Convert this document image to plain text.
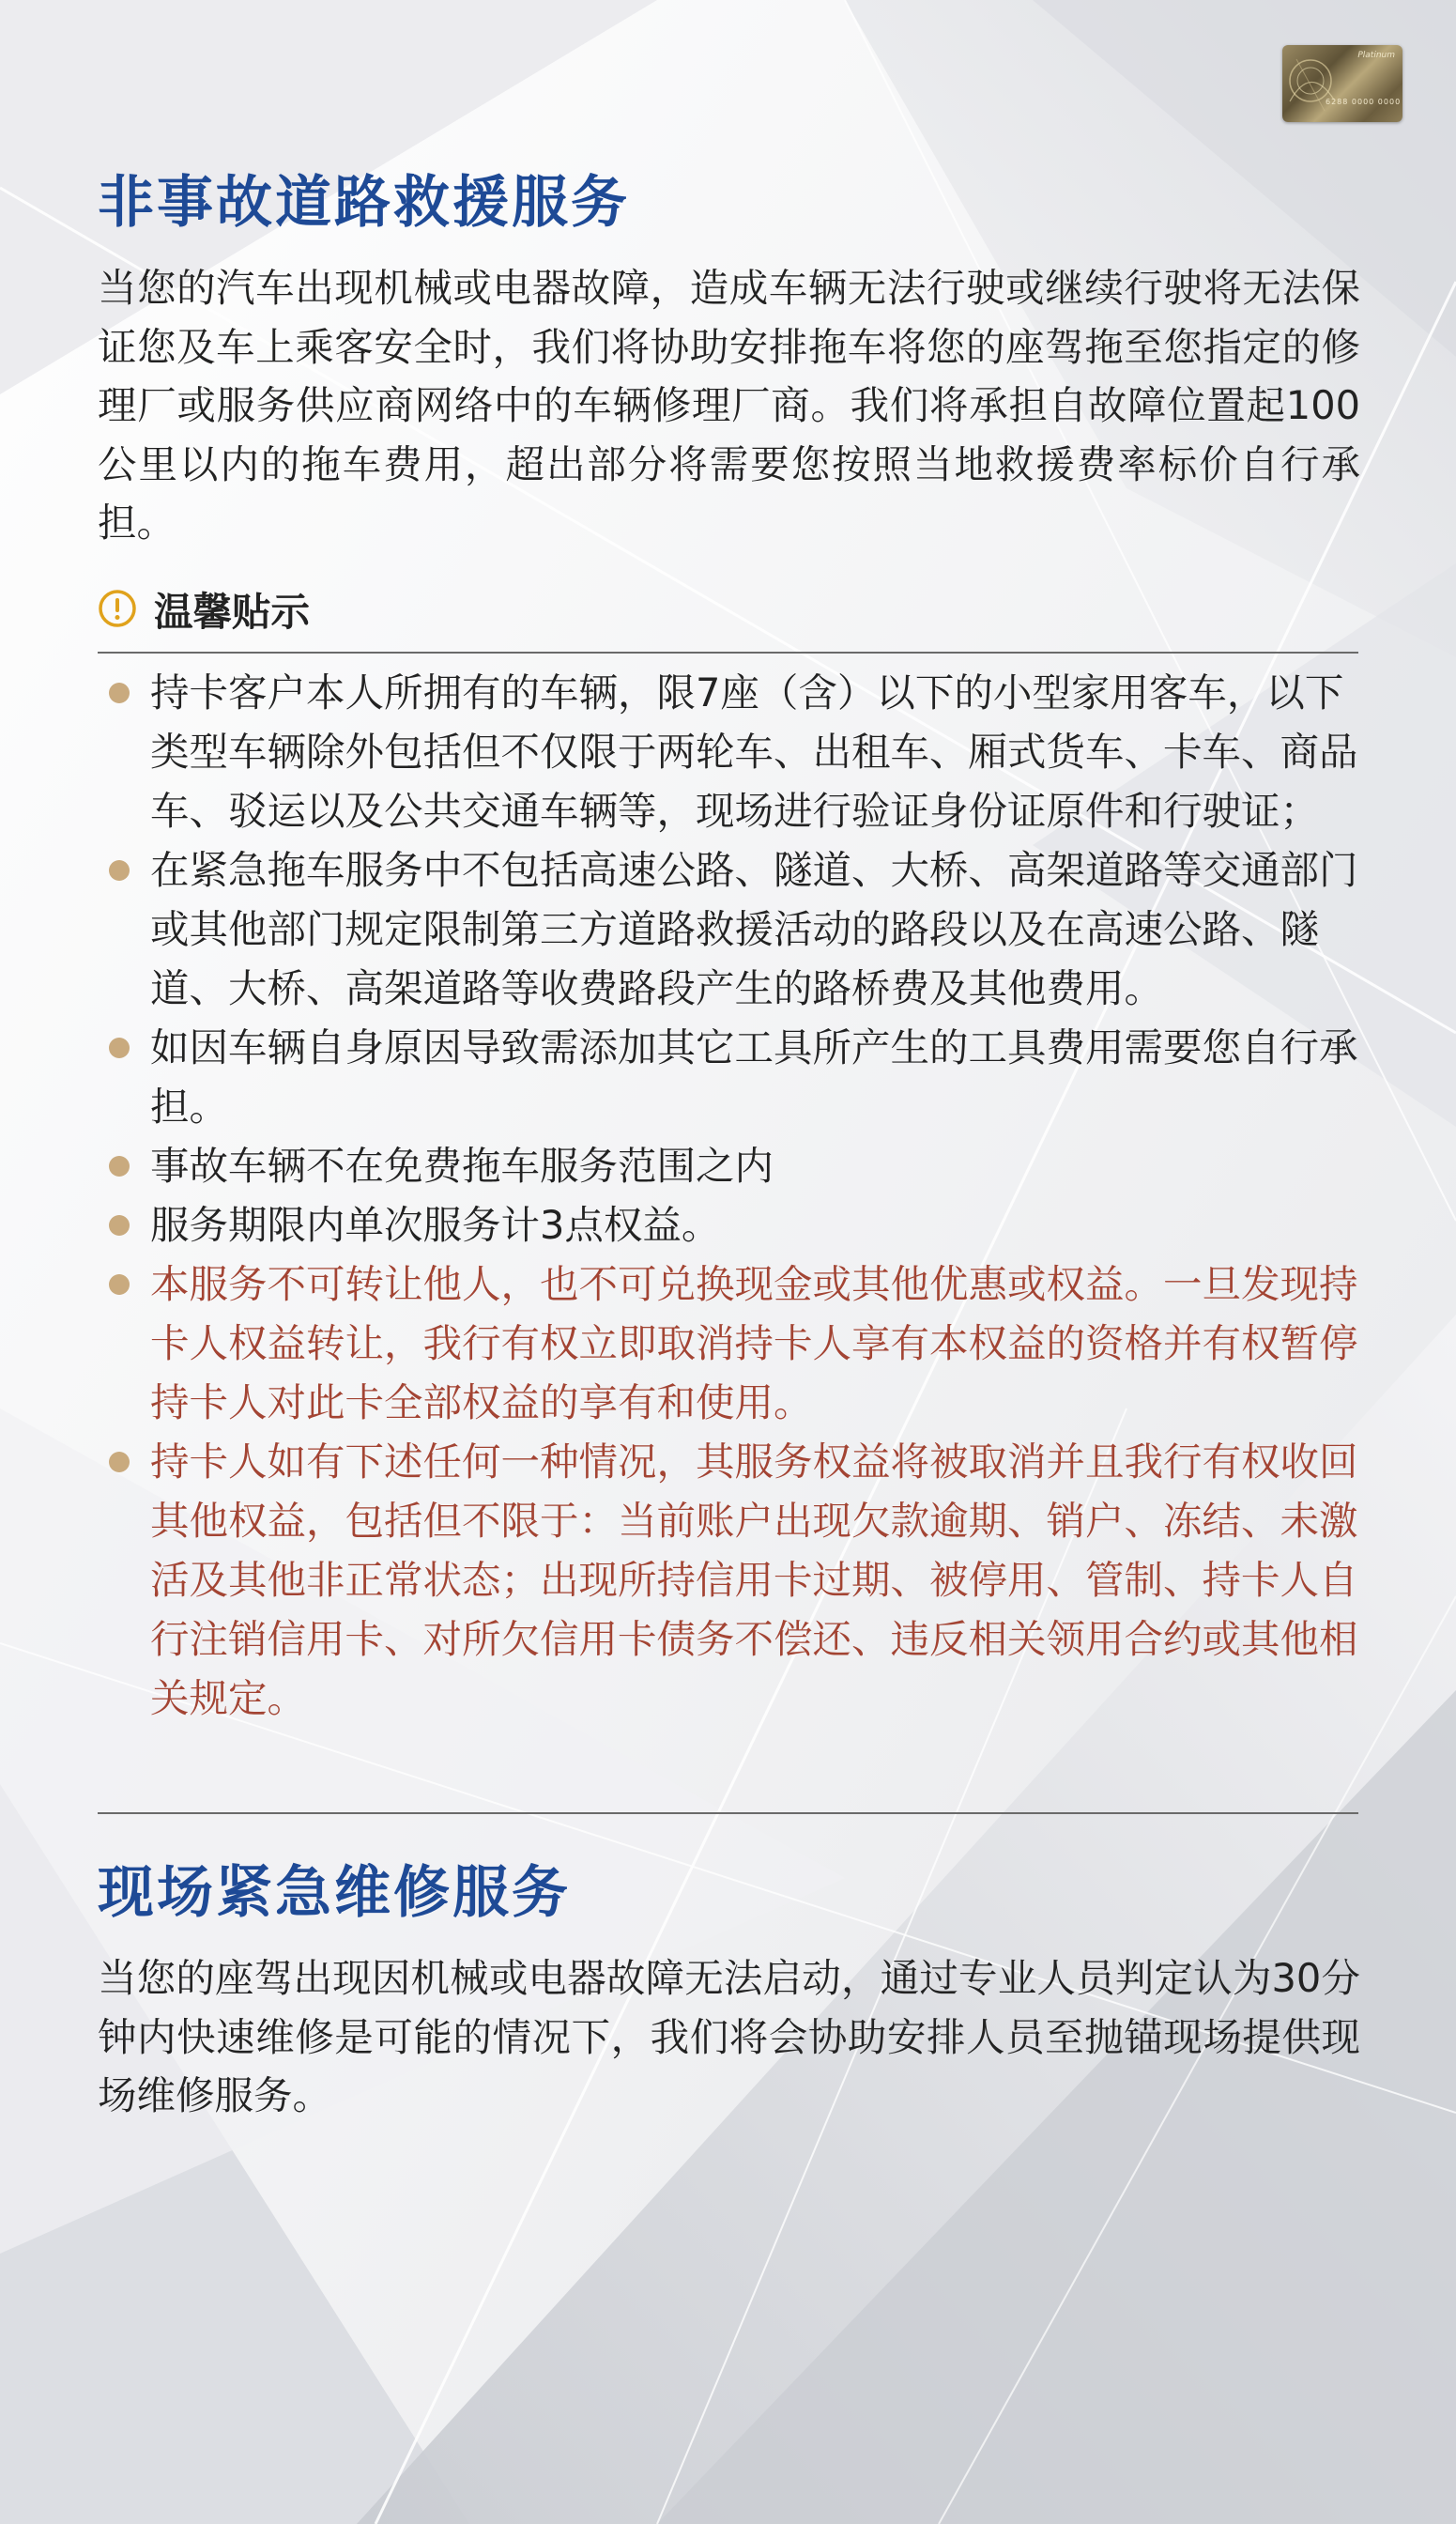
Platinum
6288 0000 0000
非事故道路救援服务

当您的汽车出现机械或电器故障，造成车辆无法行驶或继续行驶将无法保证您及车上乘客安全时，我们将协助安排拖车将您的座驾拖至您指定的修理厂或服务供应商网络中的车辆修理厂商。我们将承担自故障位置起100公里以内的拖车费用，超出部分将需要您按照当地救援费率标价自行承担。

温馨贴示
持卡客户本人所拥有的车辆，限7座（含）以下的小型家用客车，以下类型车辆除外包括但不仅限于两轮车、出租车、厢式货车、卡车、商品车、驳运以及公共交通车辆等，现场进行验证身份证原件和行驶证；
在紧急拖车服务中不包括高速公路、隧道、大桥、高架道路等交通部门或其他部门规定限制第三方道路救援活动的路段以及在高速公路、隧道、大桥、高架道路等收费路段产生的路桥费及其他费用。
如因车辆自身原因导致需添加其它工具所产生的工具费用需要您自行承担。
事故车辆不在免费拖车服务范围之内
服务期限内单次服务计3点权益。
本服务不可转让他人，也不可兑换现金或其他优惠或权益。一旦发现持卡人权益转让，我行有权立即取消持卡人享有本权益的资格并有权暂停持卡人对此卡全部权益的享有和使用。
持卡人如有下述任何一种情况，其服务权益将被取消并且我行有权收回其他权益，包括但不限于：当前账户出现欠款逾期、销户、冻结、未激活及其他非正常状态；出现所持信用卡过期、被停用、管制、持卡人自行注销信用卡、对所欠信用卡债务不偿还、违反相关领用合约或其他相关规定。
现场紧急维修服务

当您的座驾出现因机械或电器故障无法启动，通过专业人员判定认为30分钟内快速维修是可能的情况下，我们将会协助安排人员至抛锚现场提供现场维修服务。
